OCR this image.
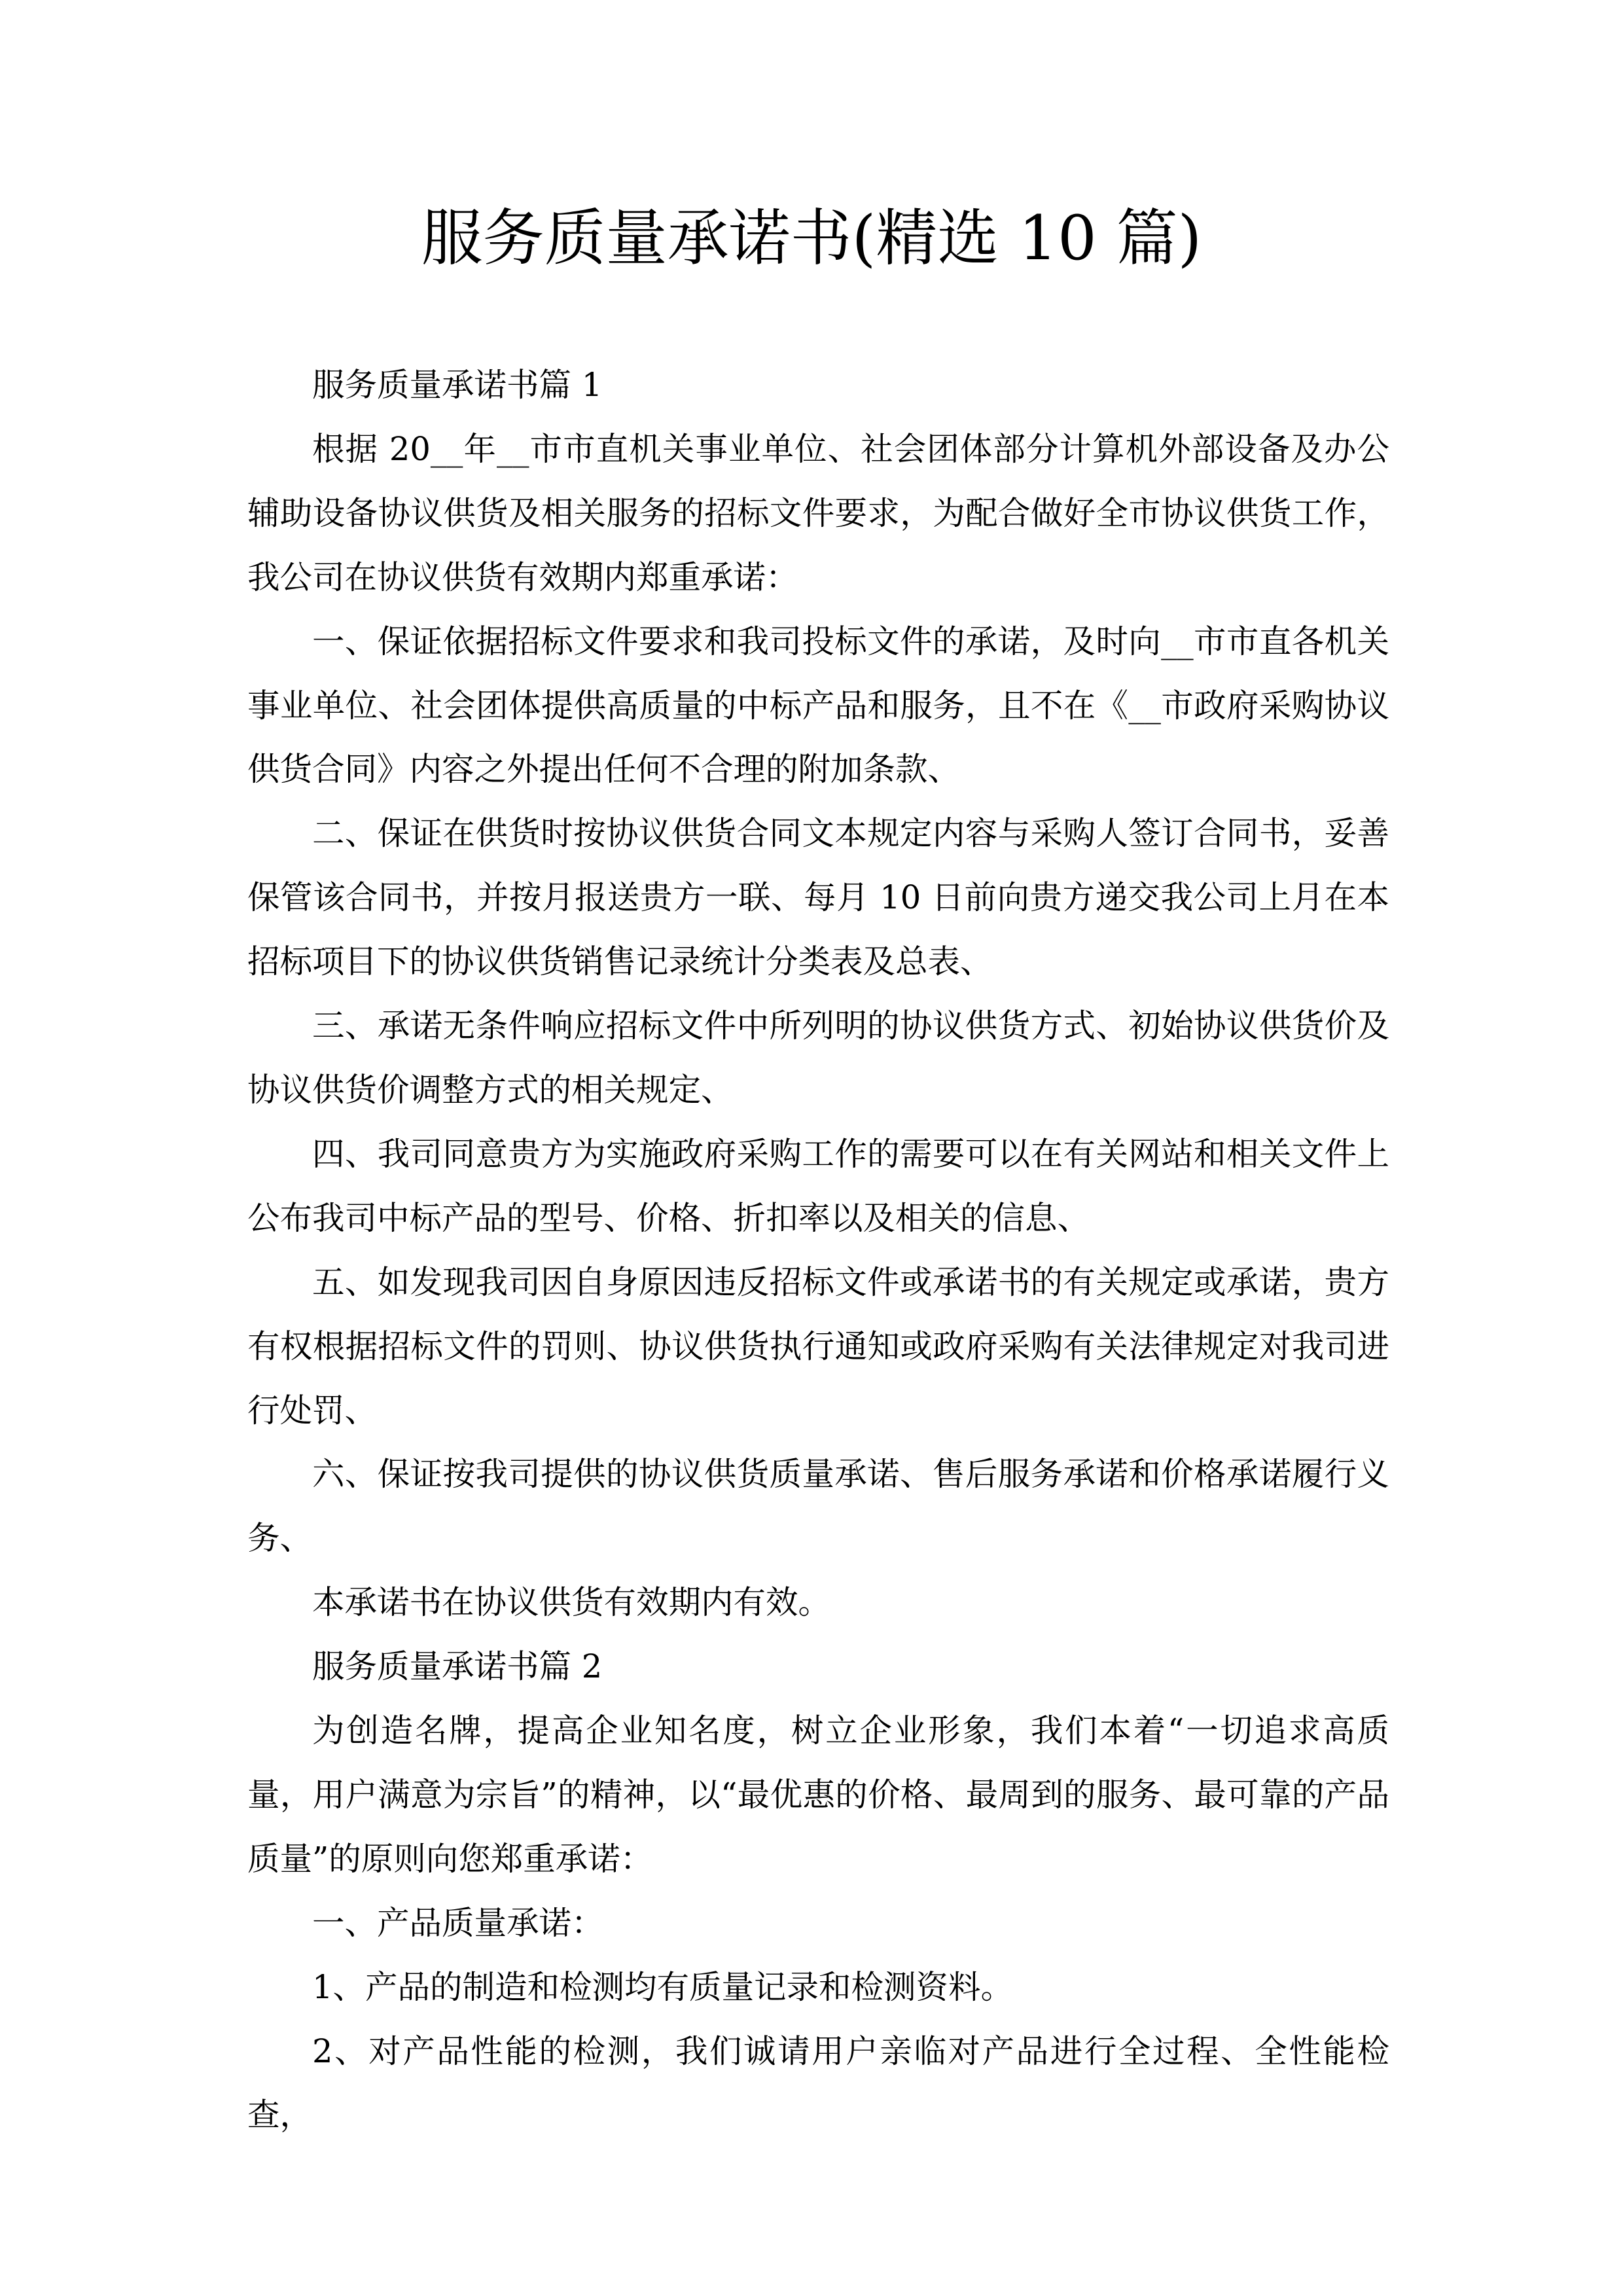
服务质量承诺书(精选 10 篇)

服务质量承诺书篇 1

根据 20__年__市市直机关事业单位、社会团体部分计算机外部设备及办公辅助设备协议供货及相关服务的招标文件要求，为配合做好全市协议供货工作，我公司在协议供货有效期内郑重承诺：

一、保证依据招标文件要求和我司投标文件的承诺，及时向__市市直各机关事业单位、社会团体提供高质量的中标产品和服务，且不在《__市政府采购协议供货合同》内容之外提出任何不合理的附加条款、

二、保证在供货时按协议供货合同文本规定内容与采购人签订合同书，妥善保管该合同书，并按月报送贵方一联、每月 10 日前向贵方递交我公司上月在本招标项目下的协议供货销售记录统计分类表及总表、

三、承诺无条件响应招标文件中所列明的协议供货方式、初始协议供货价及协议供货价调整方式的相关规定、

四、我司同意贵方为实施政府采购工作的需要可以在有关网站和相关文件上公布我司中标产品的型号、价格、折扣率以及相关的信息、

五、如发现我司因自身原因违反招标文件或承诺书的有关规定或承诺，贵方有权根据招标文件的罚则、协议供货执行通知或政府采购有关法律规定对我司进行处罚、

六、保证按我司提供的协议供货质量承诺、售后服务承诺和价格承诺履行义务、

本承诺书在协议供货有效期内有效。

服务质量承诺书篇 2

为创造名牌，提高企业知名度，树立企业形象，我们本着“一切追求高质量，用户满意为宗旨”的精神，以“最优惠的价格、最周到的服务、最可靠的产品质量”的原则向您郑重承诺：

一、产品质量承诺：

1、产品的制造和检测均有质量记录和检测资料。

2、对产品性能的检测，我们诚请用户亲临对产品进行全过程、全性能检查，
